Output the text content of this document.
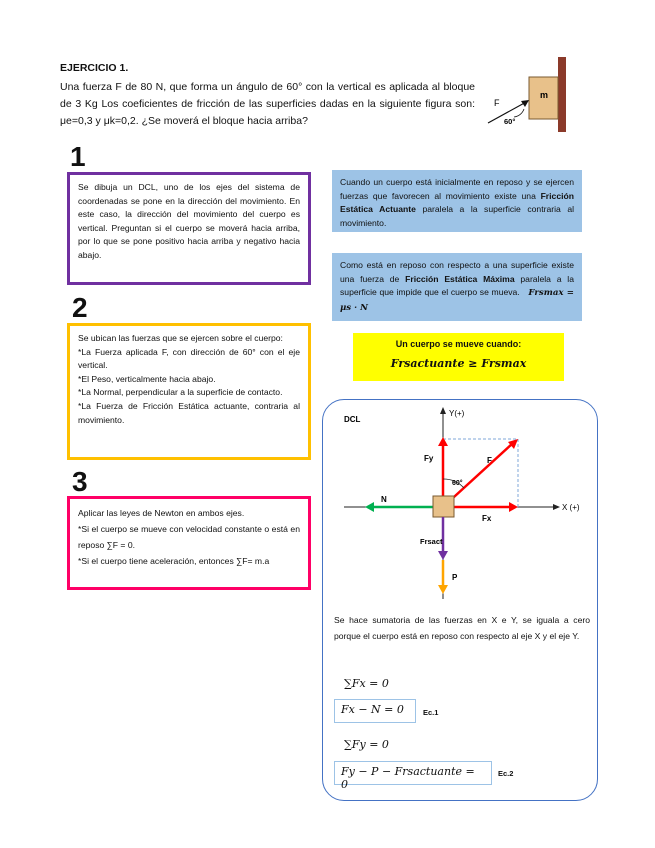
EJERCICIO 1.
Una fuerza F de 80 N, que forma un ángulo de 60° con la vertical es aplicada al bloque de 3 Kg Los coeficientes de fricción de las superficies dadas en la siguiente figura son: μe=0,3 y μk=0,2. ¿Se moverá el bloque hacia arriba?
m
F
60°
1
2
3

Se dibuja un DCL, uno de los ejes del sistema de coordenadas se pone en la dirección del movimiento. En este caso, la dirección del movimiento del cuerpo es vertical. Preguntan si el cuerpo se moverá hacia arriba, por lo que se pone positivo hacia arriba y negativo hacia abajo.

Se ubican las fuerzas que se ejercen sobre el cuerpo:

*La Fuerza aplicada F, con dirección de 60° con el eje vertical.

*El Peso, verticalmente hacia abajo.

*La Normal, perpendicular a la superficie de contacto.

*La Fuerza de Fricción Estática actuante, contraria al movimiento.

Aplicar las leyes de Newton en ambos ejes.

*Si el cuerpo se mueve con velocidad constante o está en reposo ∑F = 0.

*Si el cuerpo tiene aceleración, entonces ∑F= m.a

Cuando un cuerpo está inicialmente en reposo y se ejercen fuerzas que favorecen al movimiento existe una Fricción Estática Actuante paralela a la superficie contraria al movimiento.
Como está en reposo con respecto a una superficie existe una fuerza de Fricción Estática Máxima paralela a la superficie que impide que el cuerpo se mueva. Frsmax = μs · N
Un cuerpo se mueve cuando:
Frsactuante ≥ Frsmax
DCL
Y(+)
X (+)
Fy	F
60°
Fx
N
Frsact
P
Se hace sumatoria de las fuerzas en X e Y, se iguala a cero porque el cuerpo está en reposo con respecto al eje X y el eje Y.
∑Fx = 0
Fx − N = 0	Ec.1
∑Fy = 0
Fy − P − Frsactuante = 0
Ec.2
